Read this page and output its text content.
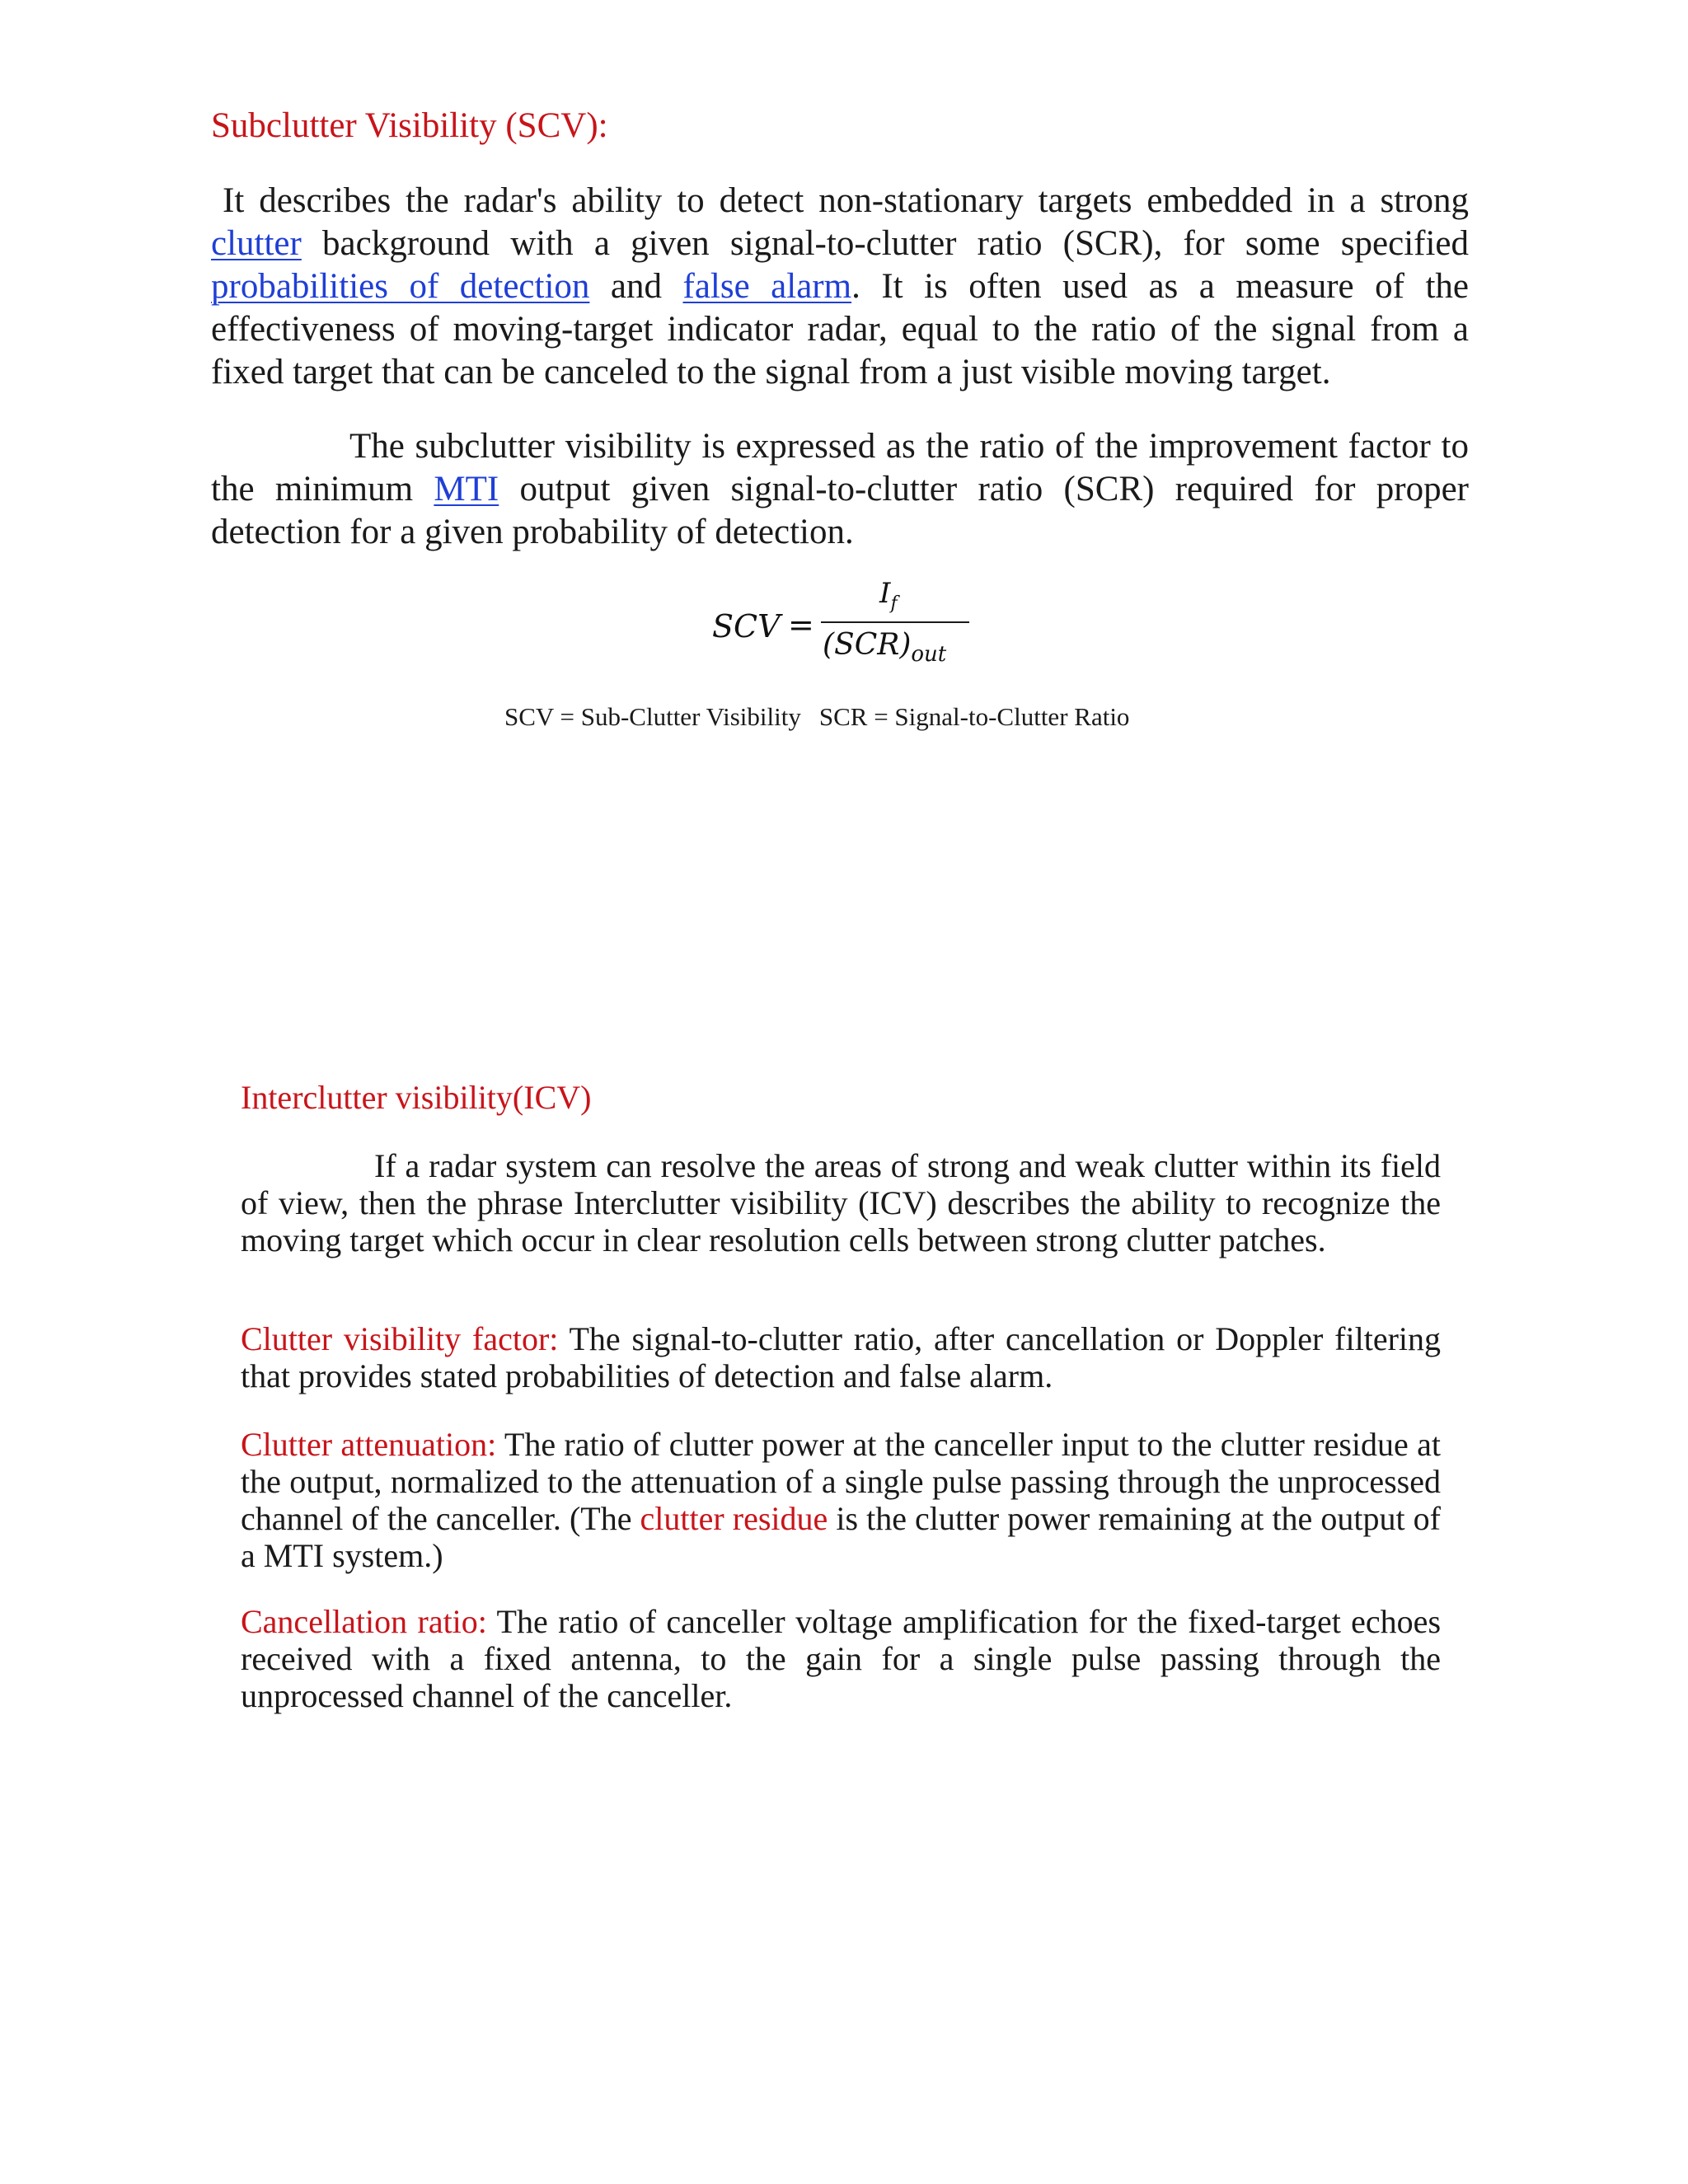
Subclutter Visibility (SCV):

It describes the radar's ability to detect non-stationary targets embedded in a strong clutter background with a given signal-to-clutter ratio (SCR), for some specified probabilities of detection and false alarm. It is often used as a measure of the effectiveness of moving-target indicator radar, equal to the ratio of the signal from a fixed target that can be canceled to the signal from a just visible moving target.

The subclutter visibility is expressed as the ratio of the improvement factor to the minimum MTI output given signal-to-clutter ratio (SCR) required for proper detection for a given probability of detection.

SCV =
$I_f$
$(SCR)_{out}$
SCV = Sub-Clutter Visibility SCR = Signal-to-Clutter Ratio
Interclutter visibility(ICV)

If a radar system can resolve the areas of strong and weak clutter within its field of view, then the phrase Interclutter visibility (ICV) describes the ability to recognize the moving target which occur in clear resolution cells between strong clutter patches.

Clutter visibility factor: The signal-to-clutter ratio, after cancellation or Doppler filtering that provides stated probabilities of detection and false alarm.

Clutter attenuation: The ratio of clutter power at the canceller input to the clutter residue at the output, normalized to the attenuation of a single pulse passing through the unprocessed channel of the canceller. (The clutter residue is the clutter power remaining at the output of a MTI system.)

Cancellation ratio: The ratio of canceller voltage amplification for the fixed-target echoes received with a fixed antenna, to the gain for a single pulse passing through the unprocessed channel of the canceller.
